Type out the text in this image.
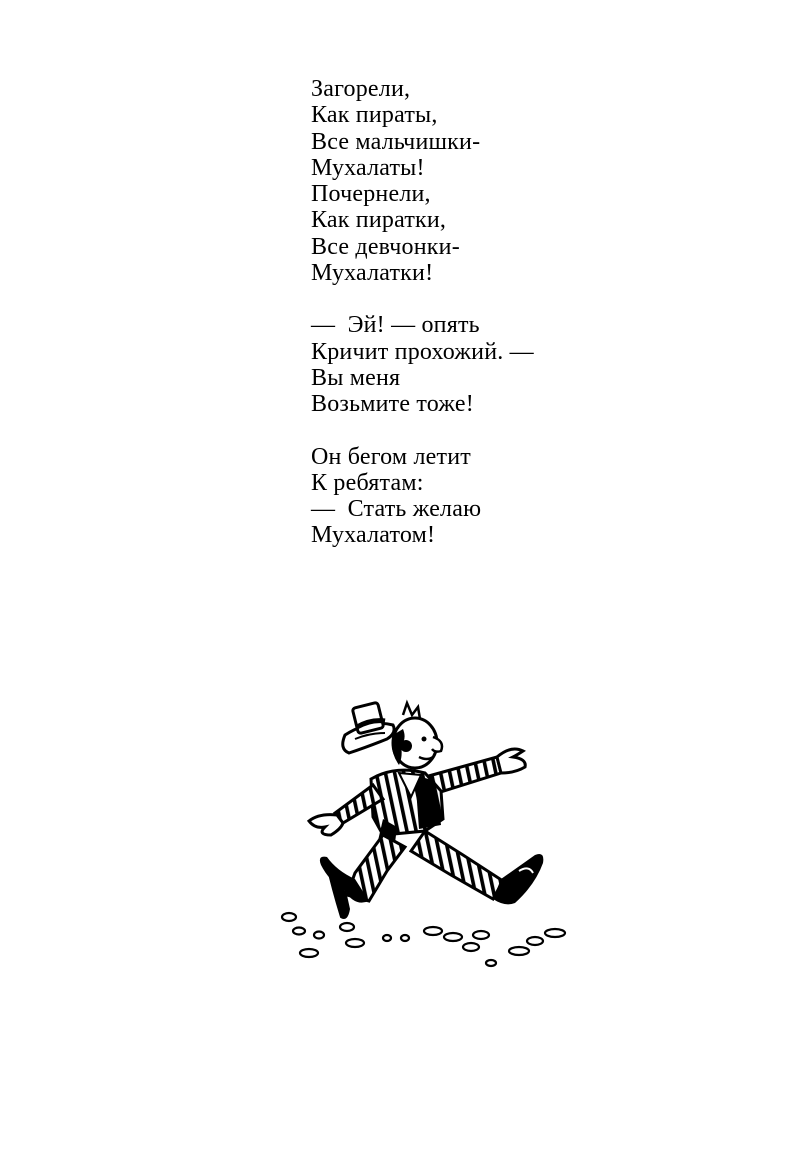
Загорели,
Как пираты,
Все мальчишки-
Мухалаты!
Почернели,
Как пиратки,
Все девчонки-
Мухалатки!
—  Эй! — опять
Кричит прохожий. —
Вы меня
Возьмите тоже!
Он бегом летит
К ребятам:
—  Стать желаю
Мухалатом!
